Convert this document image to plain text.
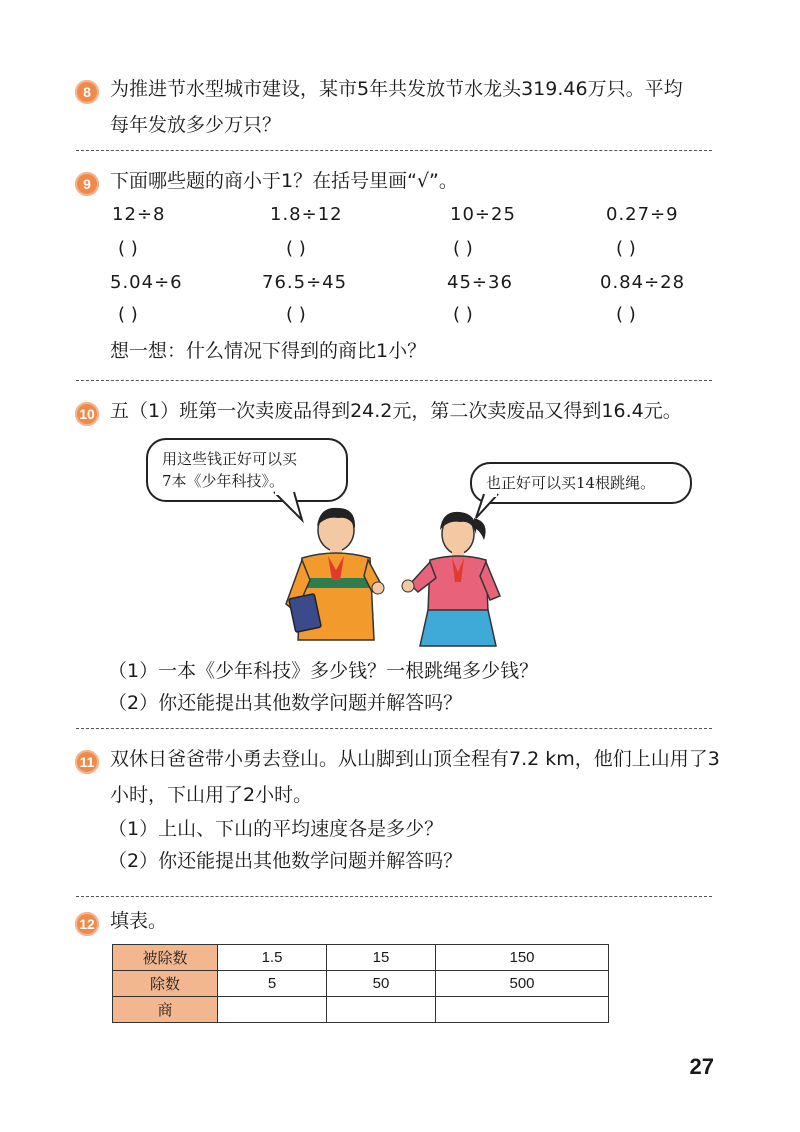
8	为推进节水型城市建设，某市5年共发放节水龙头319.46万只。平均
每年发放多少万只？
9	下面哪些题的商小于1？在括号里画“√”。
12÷8	1.8÷12	10÷25	0.27÷9
( )	( )	( )	( )
5.04÷6	76.5÷45	45÷36	0.84÷28
( )	( )	( )	( )
想一想：什么情况下得到的商比1小？
10 五（1）班第一次卖废品得到24.2元，第二次卖废品又得到16.4元。
用这些钱正好可以买
7本《少年科技》。	也正好可以买14根跳绳。
（1）一本《少年科技》多少钱？一根跳绳多少钱？
（2）你还能提出其他数学问题并解答吗？
11 双休日爸爸带小勇去登山。从山脚到山顶全程有7.2 km，他们上山用了3
小时，下山用了2小时。
（1）上山、下山的平均速度各是多少？
（2）你还能提出其他数学问题并解答吗？
12 填表。
被除数	1.5	15	150
除数	5	50	500
商			
27
